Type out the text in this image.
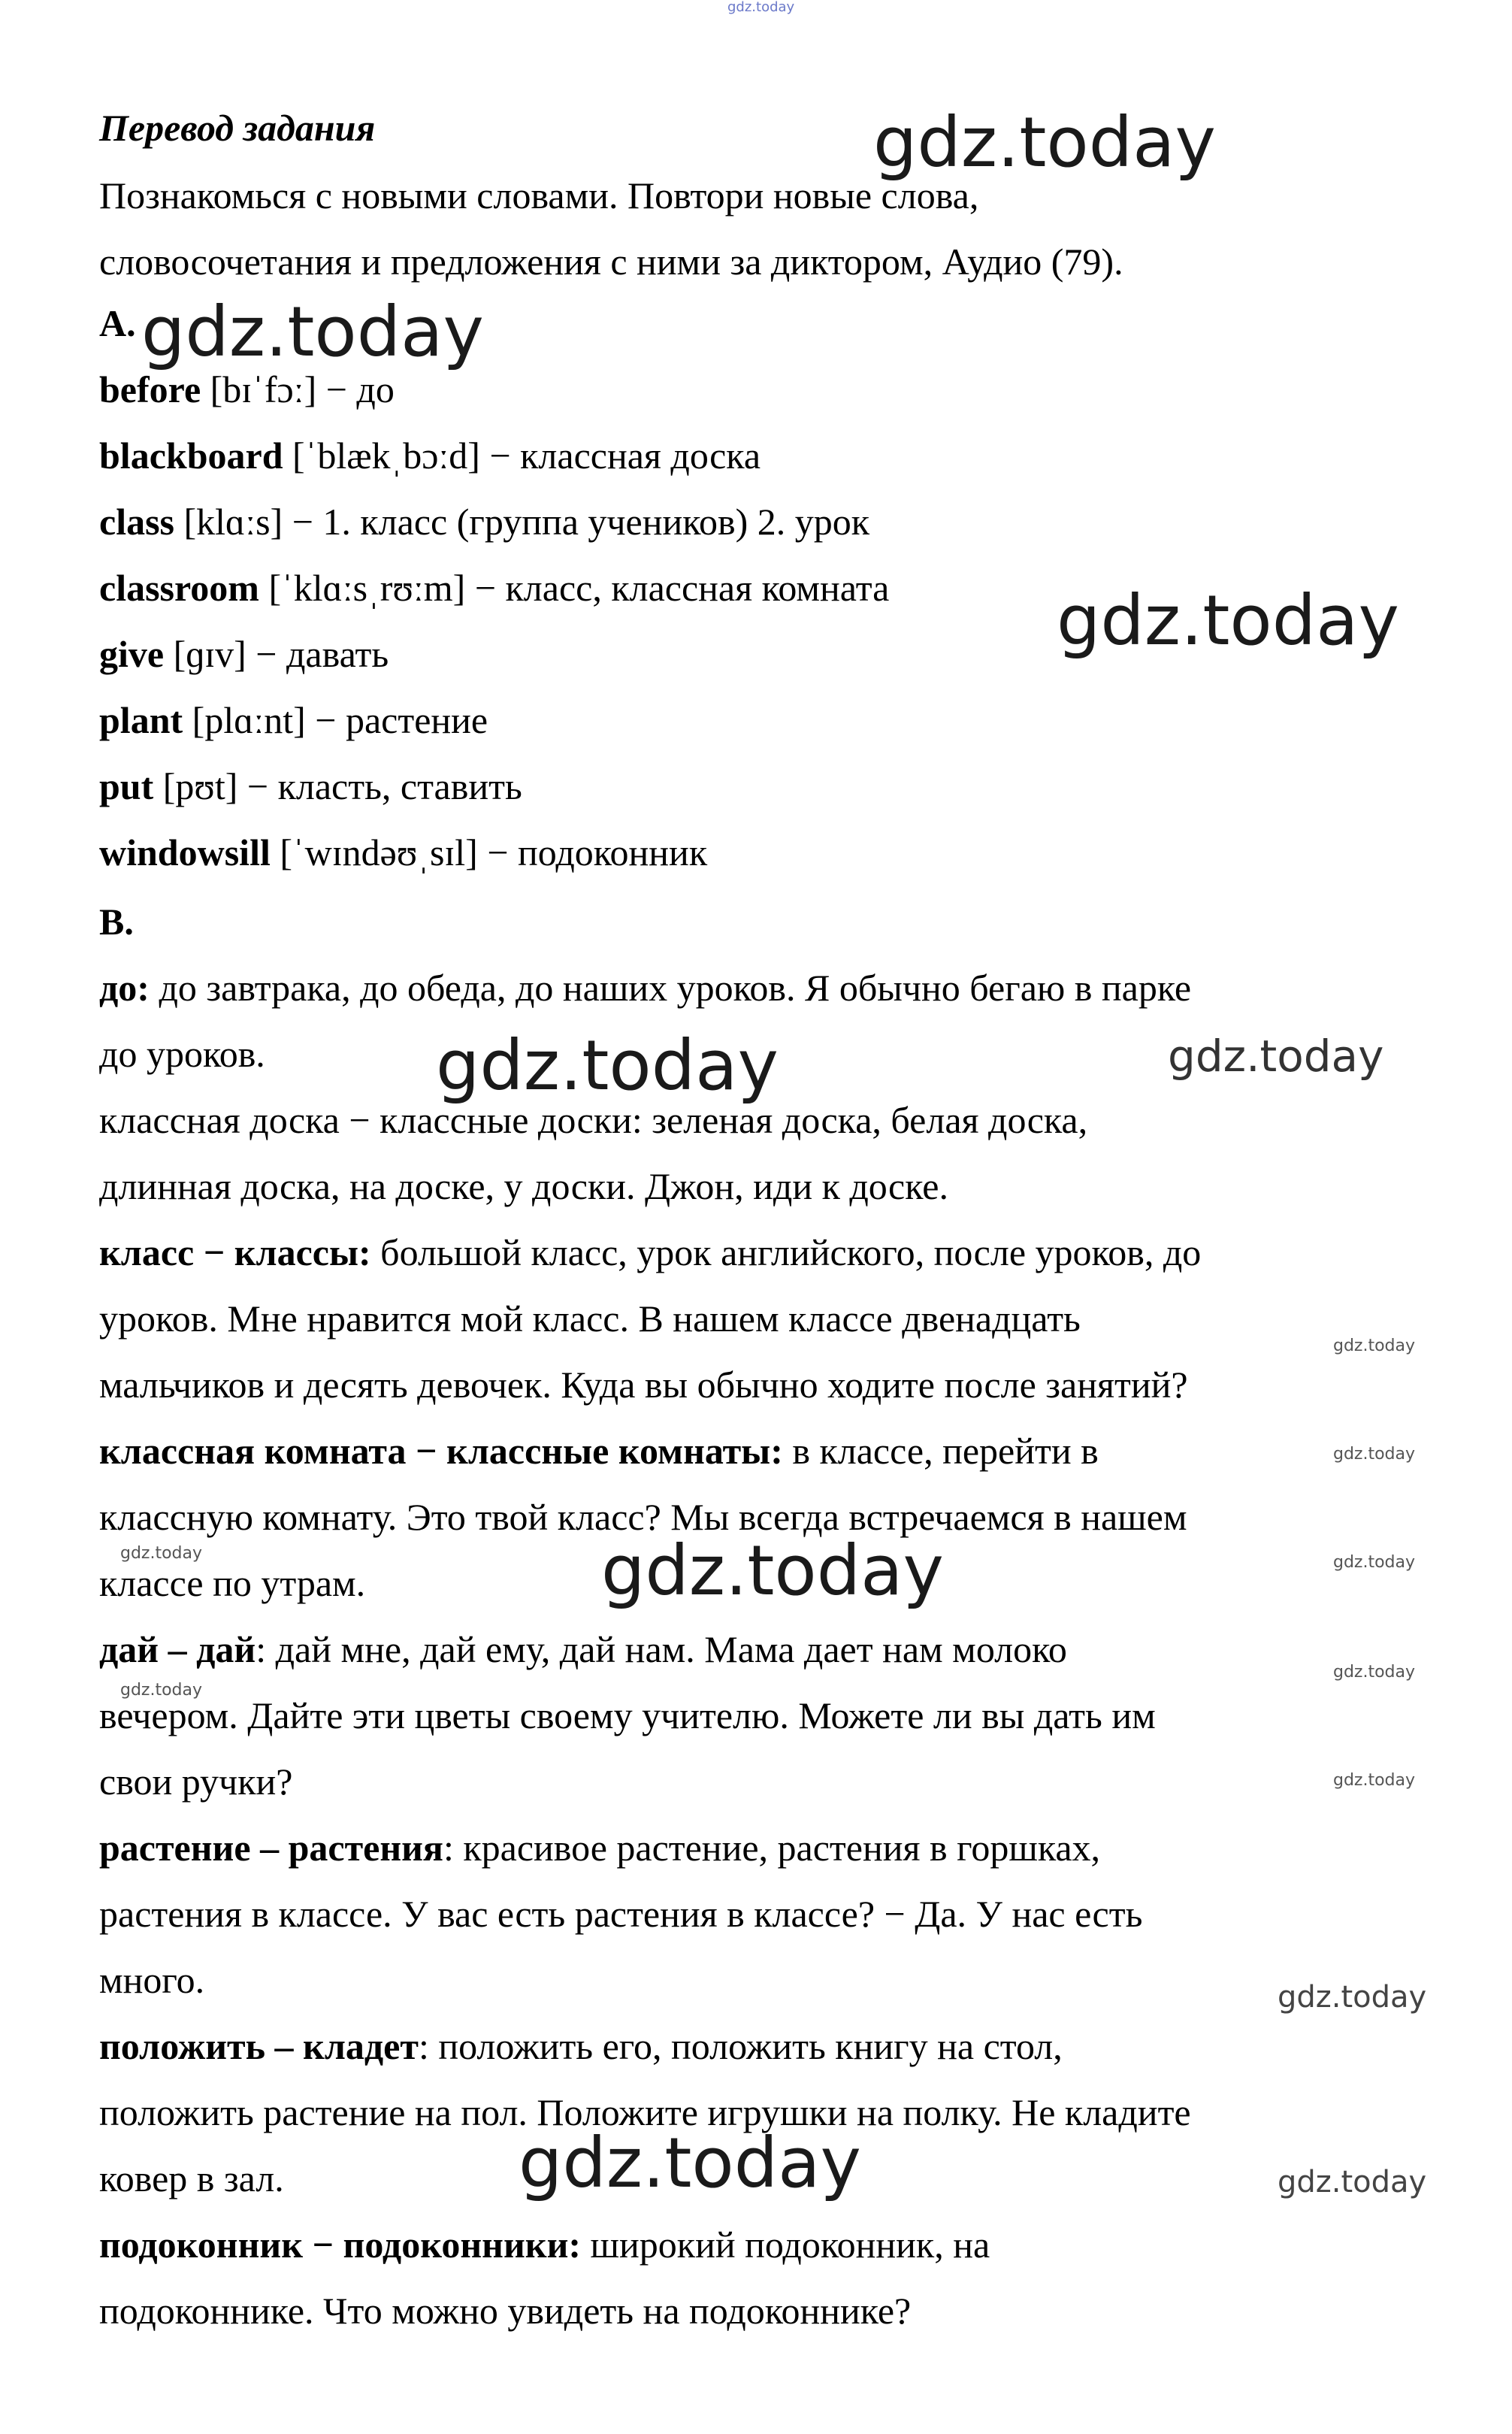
Перевод задания
Познакомься с новыми словами. Повтори новые слова,
словосочетания и предложения с ними за диктором, Аудио (79).
A.
before [bɪˈfɔː] − до
blackboard [ˈblækˌbɔːd] − классная доска
class [klɑːs] − 1. класс (группа учеников) 2. урок
classroom [ˈklɑːsˌrʊːm] − класс, классная комната
give [ɡɪv] − давать
plant [plɑːnt] − растение
put [pʊt] − класть, ставить
windowsill [ˈwɪndəʊˌsɪl] − подоконник
B.
до: до завтрака, до обеда, до наших уроков. Я обычно бегаю в парке
до уроков.
классная доска − классные доски: зеленая доска, белая доска,
длинная доска, на доске, у доски. Джон, иди к доске.
класс − классы: большой класс, урок английского, после уроков, до
уроков. Мне нравится мой класс. В нашем классе двенадцать
мальчиков и десять девочек. Куда вы обычно ходите после занятий?
классная комната − классные комнаты: в классе, перейти в
классную комнату. Это твой класс? Мы всегда встречаемся в нашем
классе по утрам.
дай – дай: дай мне, дай ему, дай нам. Мама дает нам молоко
вечером. Дайте эти цветы своему учителю. Можете ли вы дать им
свои ручки?
растение – растения: красивое растение, растения в горшках,
растения в классе. У вас есть растения в классе? − Да. У нас есть
много.
положить – кладет: положить его, положить книгу на стол,
положить растение на пол. Положите игрушки на полку. Не кладите
ковер в зал.
подоконник − подоконники: широкий подоконник, на
подоконнике. Что можно увидеть на подоконнике?
gdz.today
gdz.today
gdz.today
gdz.today
gdz.today	gdz.today
gdz.today
gdz.today
gdz.today	gdz.today	gdz.today
gdz.today
gdz.today
gdz.today
gdz.today
gdz.today	gdz.today
